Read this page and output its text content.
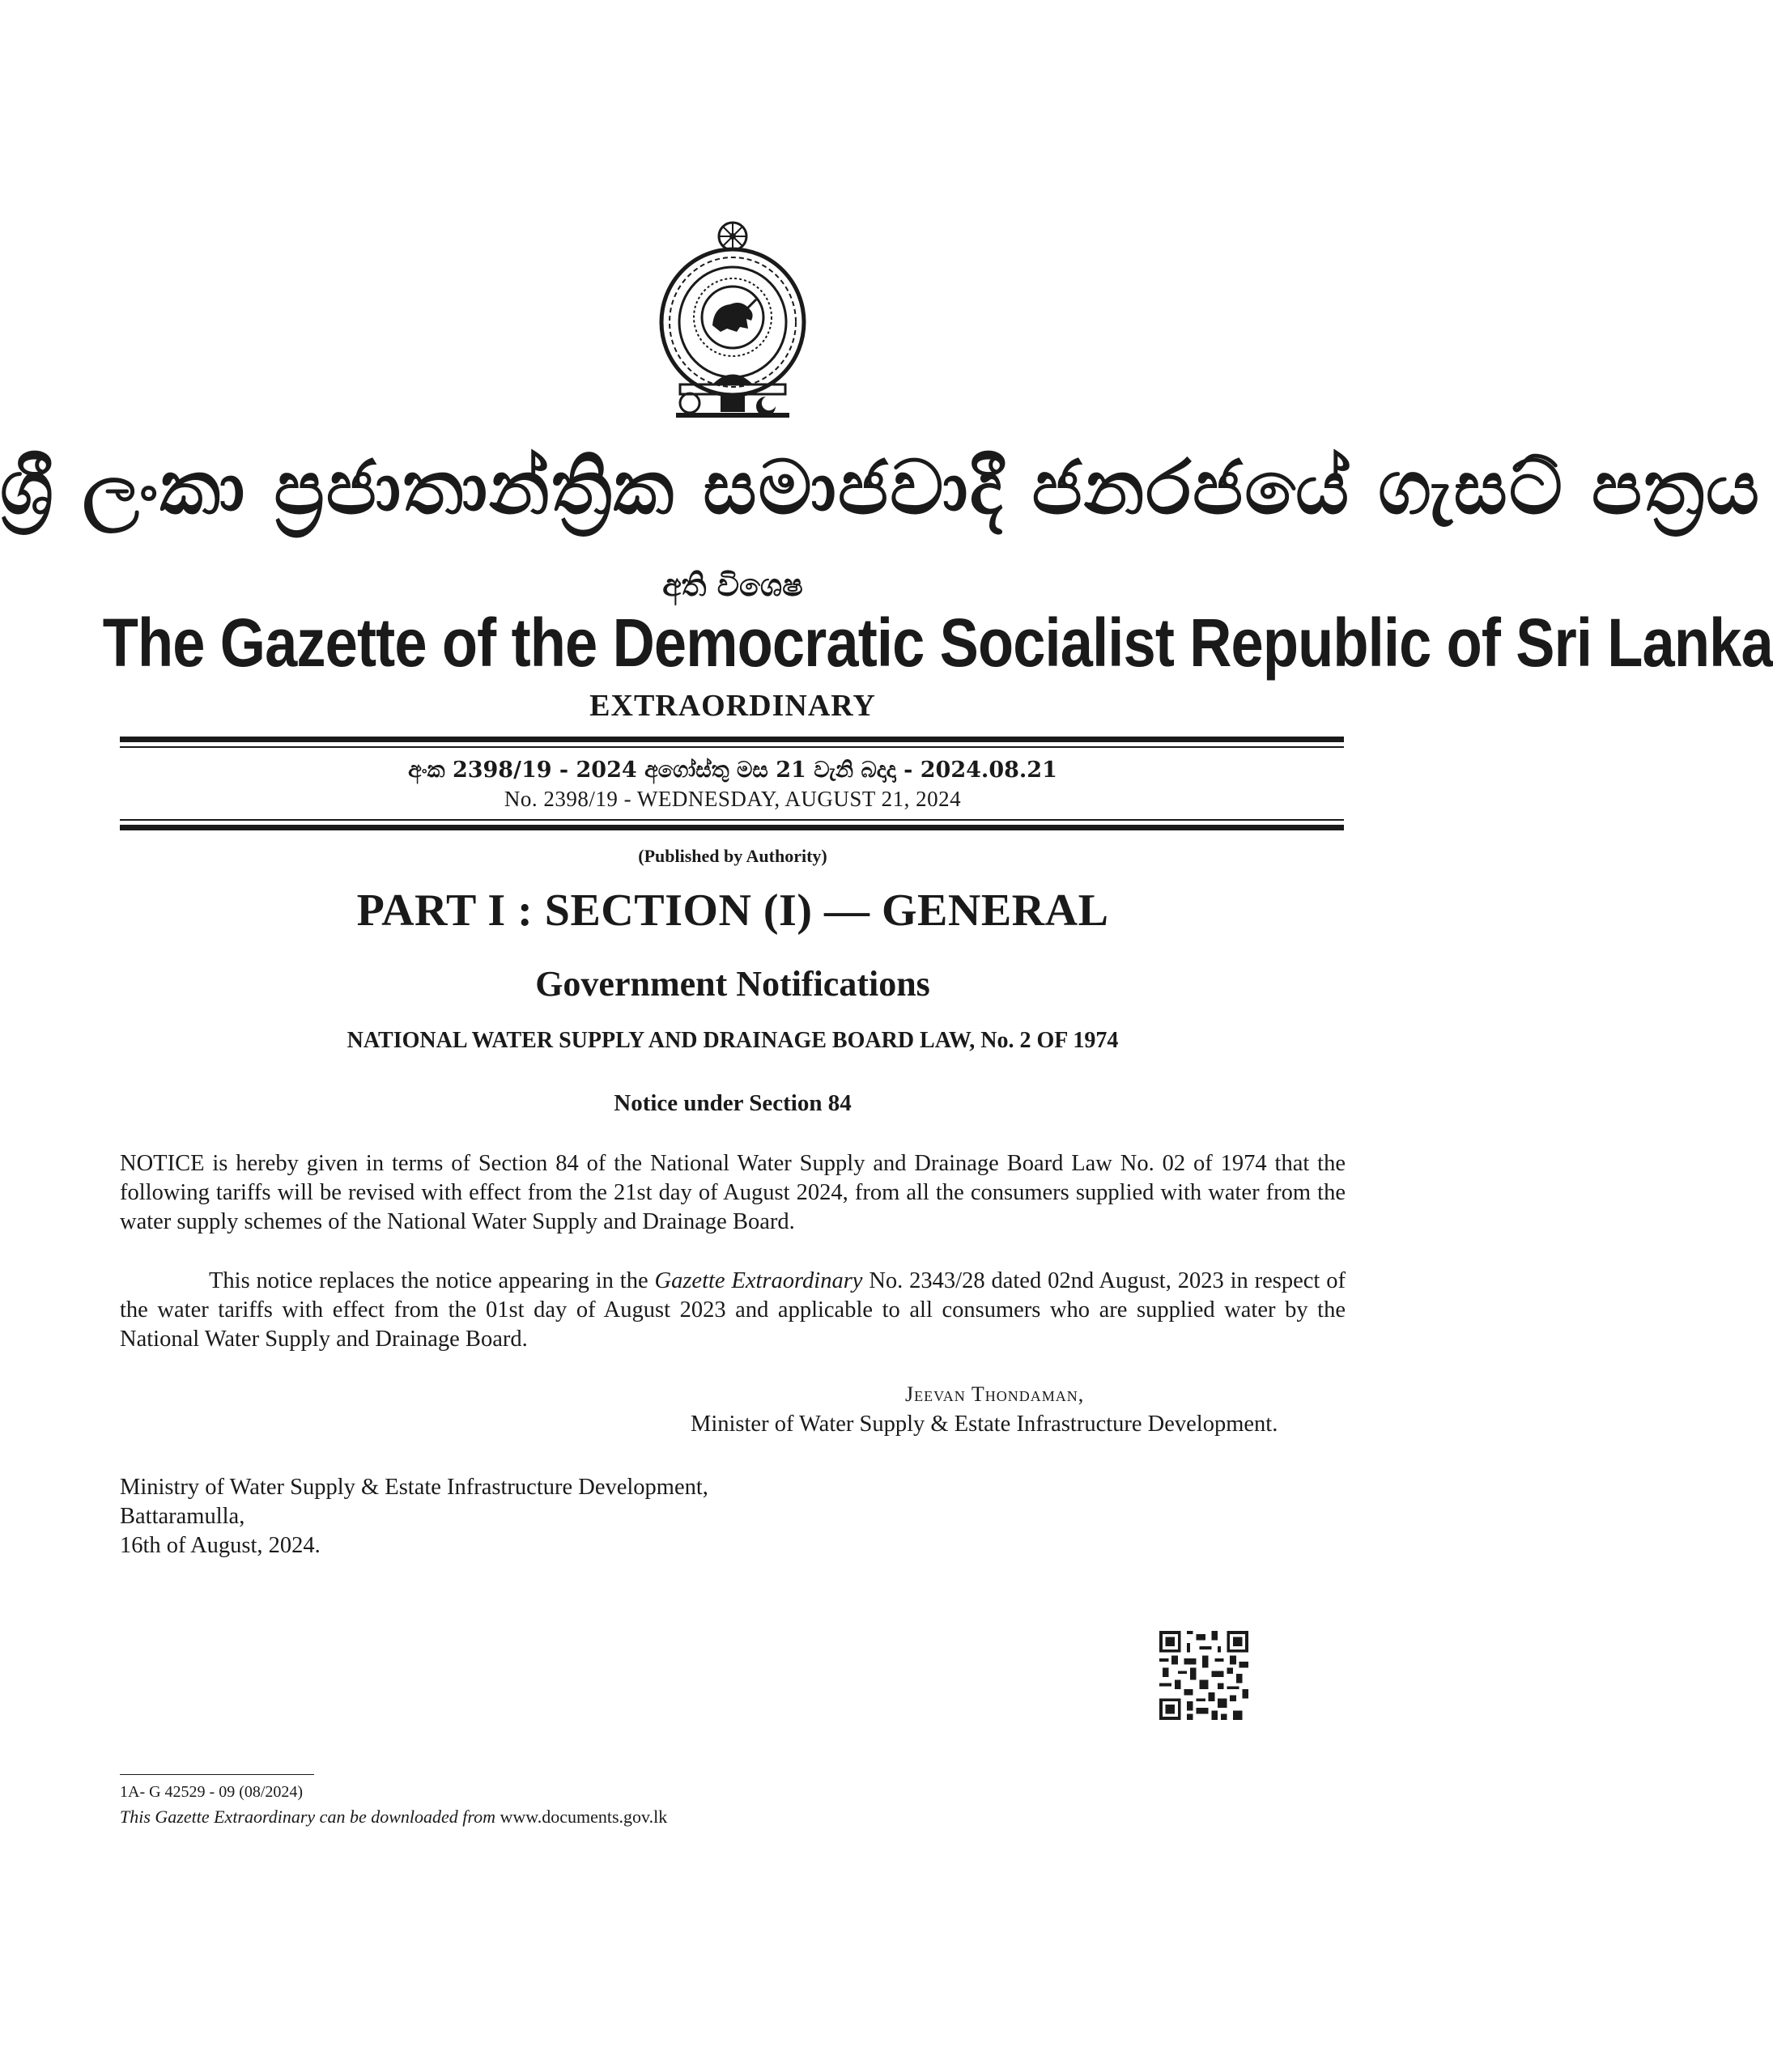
ශ්‍රී ලංකා ප්‍රජාතාන්ත්‍රික සමාජවාදී ජනරජයේ ගැසට් පත්‍රය
අති විශෙෂ
The Gazette of the Democratic Socialist Republic of Sri Lanka
EXTRAORDINARY
අංක 2398/19 - 2024 අගෝස්තු මස 21 වැනි බදාදා - 2024.08.21
No. 2398/19 - WEDNESDAY, AUGUST 21, 2024
(Published by Authority)
PART I : SECTION (I) — GENERAL
Government Notifications
NATIONAL WATER SUPPLY AND DRAINAGE BOARD LAW, No. 2 OF 1974
Notice under Section 84
NOTICE is hereby given in terms of Section 84 of the National Water Supply and Drainage Board Law No. 02 of 1974 that the following tariffs will be revised with effect from the 21st day of August 2024, from all the consumers supplied with water from the water supply schemes of the National Water Supply and Drainage Board.
This notice replaces the notice appearing in the Gazette Extraordinary No. 2343/28 dated 02nd August, 2023 in respect of the water tariffs with effect from the 01st day of August 2023 and applicable to all consumers who are supplied water by the National Water Supply and Drainage Board.
Jeevan Thondaman,
Minister of Water Supply & Estate Infrastructure Development.
Ministry of Water Supply & Estate Infrastructure Development,
Battaramulla,
16th of August, 2024.
1A- G 42529 - 09 (08/2024)
This Gazette Extraordinary can be downloaded from www.documents.gov.lk
